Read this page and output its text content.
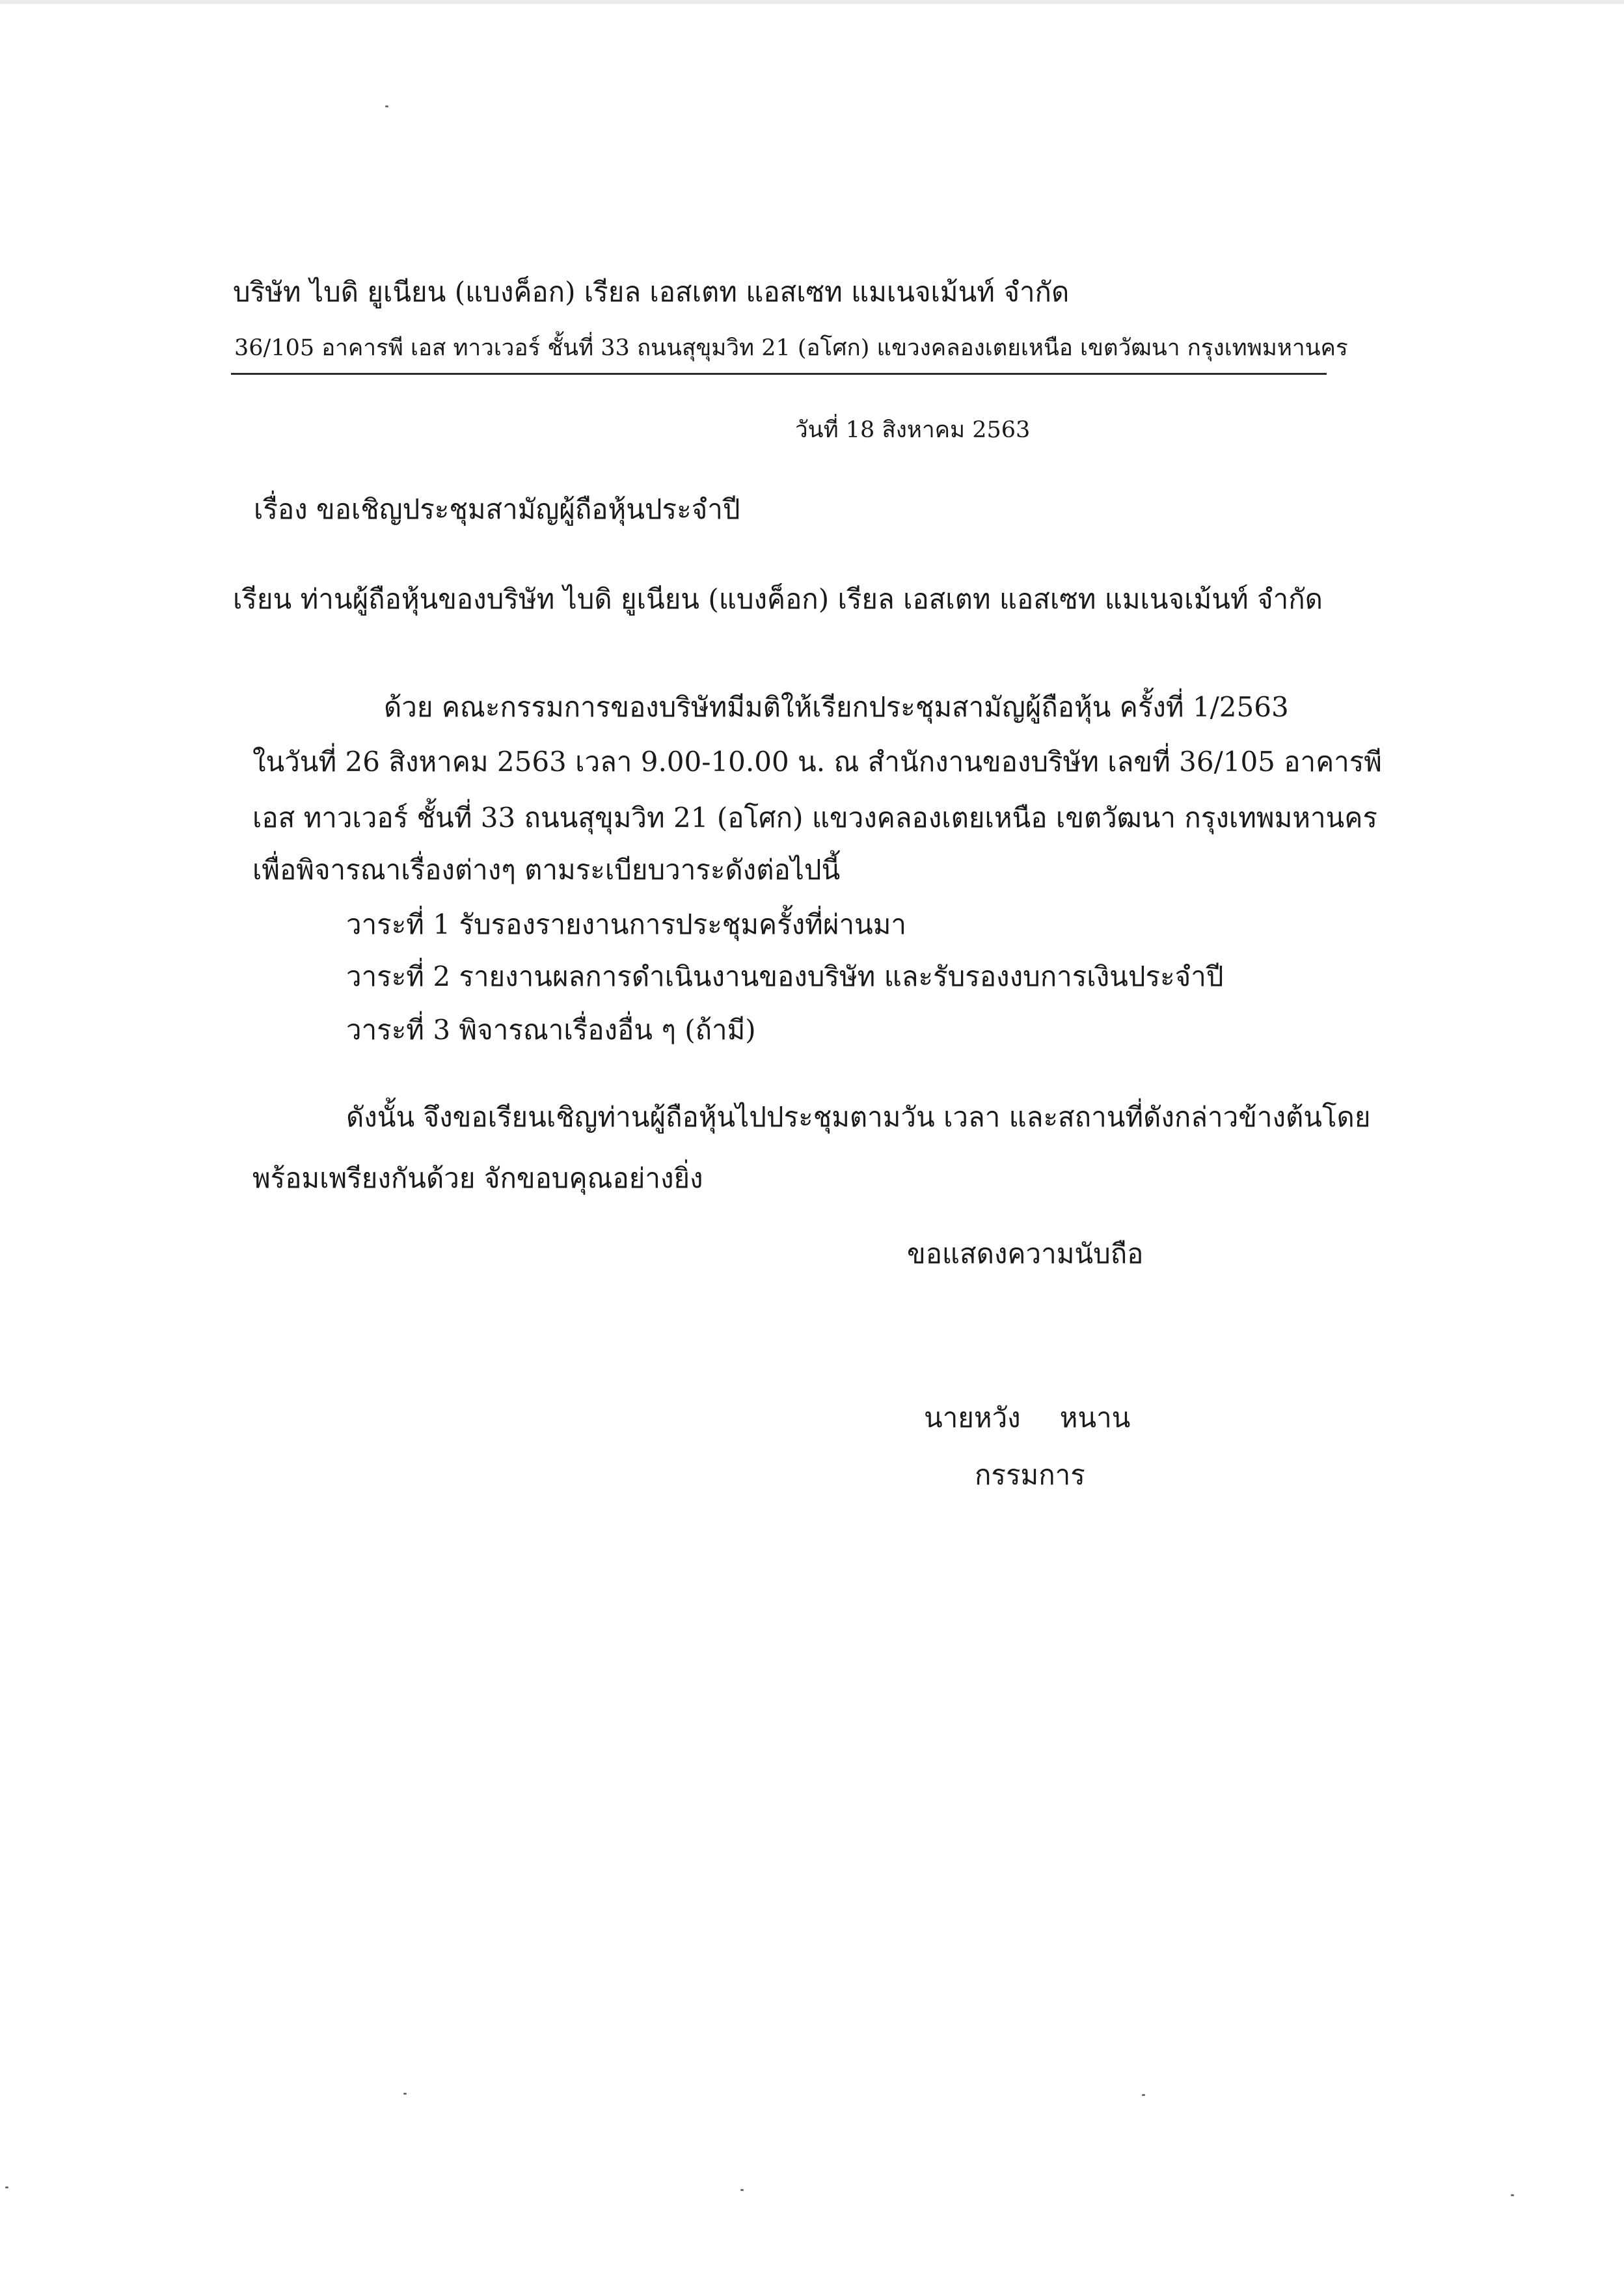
บริษัท ไบดิ ยูเนียน (แบงค็อก) เรียล เอสเตท แอสเซท แมเนจเม้นท์ จำกัด
36/105 อาคารพี เอส ทาวเวอร์ ชั้นที่ 33 ถนนสุขุมวิท 21 (อโศก) แขวงคลองเตยเหนือ เขตวัฒนา กรุงเทพมหานคร
วันที่ 18 สิงหาคม 2563
เรื่อง ขอเชิญประชุมสามัญผู้ถือหุ้นประจำปี
เรียน ท่านผู้ถือหุ้นของบริษัท ไบดิ ยูเนียน (แบงค็อก) เรียล เอสเตท แอสเซท แมเนจเม้นท์ จำกัด
ด้วย คณะกรรมการของบริษัทมีมติให้เรียกประชุมสามัญผู้ถือหุ้น ครั้งที่ 1/2563
ในวันที่ 26 สิงหาคม 2563 เวลา 9.00-10.00 น. ณ สำนักงานของบริษัท เลขที่ 36/105 อาคารพี
เอส ทาวเวอร์ ชั้นที่ 33 ถนนสุขุมวิท 21 (อโศก) แขวงคลองเตยเหนือ เขตวัฒนา กรุงเทพมหานคร
เพื่อพิจารณาเรื่องต่างๆ ตามระเบียบวาระดังต่อไปนี้
วาระที่ 1 รับรองรายงานการประชุมครั้งที่ผ่านมา
วาระที่ 2 รายงานผลการดำเนินงานของบริษัท และรับรองงบการเงินประจำปี
วาระที่ 3 พิจารณาเรื่องอื่น ๆ (ถ้ามี)
ดังนั้น จึงขอเรียนเชิญท่านผู้ถือหุ้นไปประชุมตามวัน เวลา และสถานที่ดังกล่าวข้างต้นโดย
พร้อมเพรียงกันด้วย จักขอบคุณอย่างยิ่ง
ขอแสดงความนับถือ
นายหวัง หนาน
กรรมการ
